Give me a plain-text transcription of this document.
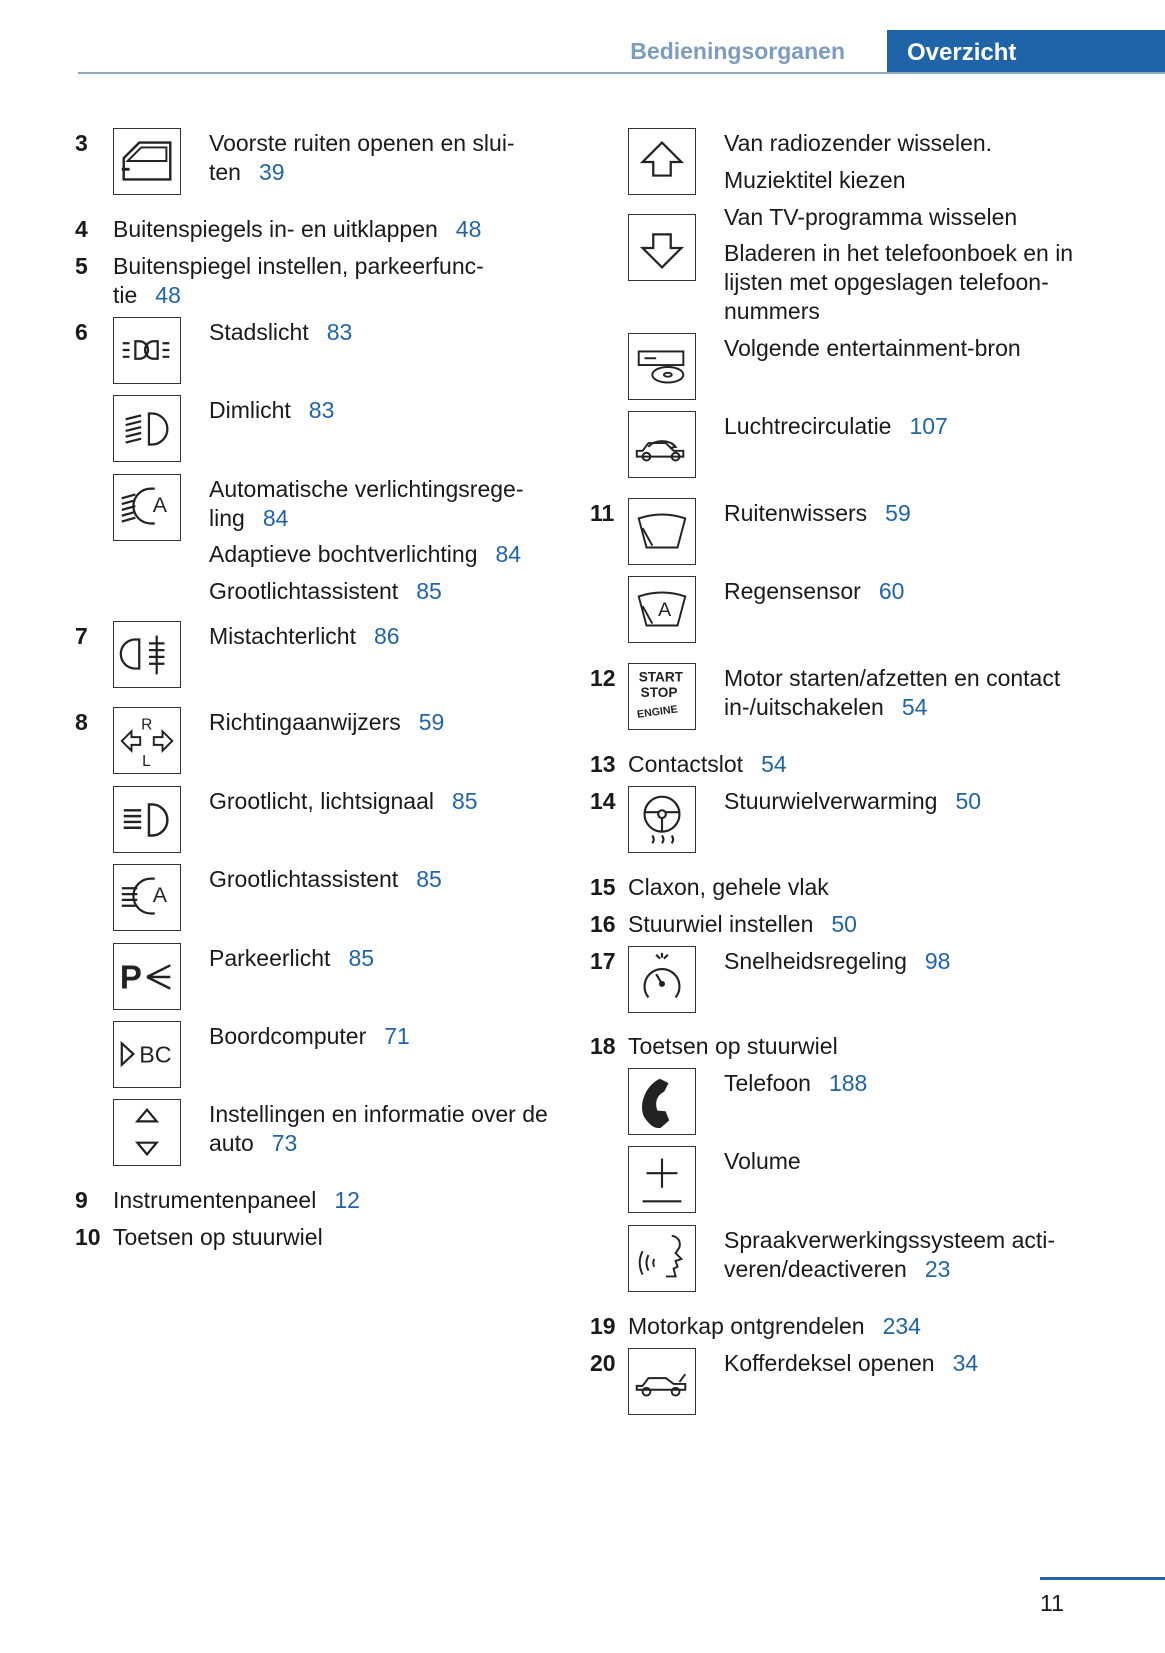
Bedieningsorganen	Overzicht
3	Voorste ruiten openen en slui-
ten 39
4 Buitenspiegels in- en uitklappen 48
5 Buitenspiegel instellen, parkeerfunc-
tie 48
6	Stadslicht 83
Dimlicht 83
A
Automatische verlichtingsrege-
ling 84
Adaptieve bochtverlichting 84
Grootlichtassistent 85
7	Mistachterlicht 86
8	R
L
Richtingaanwijzers 59
Grootlicht, lichtsignaal 85
A
Grootlichtassistent 85
P
Parkeerlicht 85
BC
Boordcomputer 71
Instellingen en informatie over de
auto 73
9 Instrumentenpaneel 12
10 Toetsen op stuurwiel
Van radiozender wisselen.
Muziektitel kiezen
Van TV-programma wisselen
Bladeren in het telefoonboek en in
lijsten met opgeslagen telefoon-
nummers
Volgende entertainment-bron
Luchtrecirculatie 107
11	Ruitenwissers 59
A
Regensensor 60
12 START
STOP
ENGINE
Motor starten/afzetten en contact
in-/uitschakelen 54
13 Contactslot 54
14	Stuurwielverwarming 50
15 Claxon, gehele vlak
16 Stuurwiel instellen 50
17	Snelheidsregeling 98
18 Toetsen op stuurwiel
Telefoon 188
Volume
Spraakverwerkingssysteem acti-
veren/deactiveren 23
19 Motorkap ontgrendelen 234
20	Kofferdeksel openen 34
11
